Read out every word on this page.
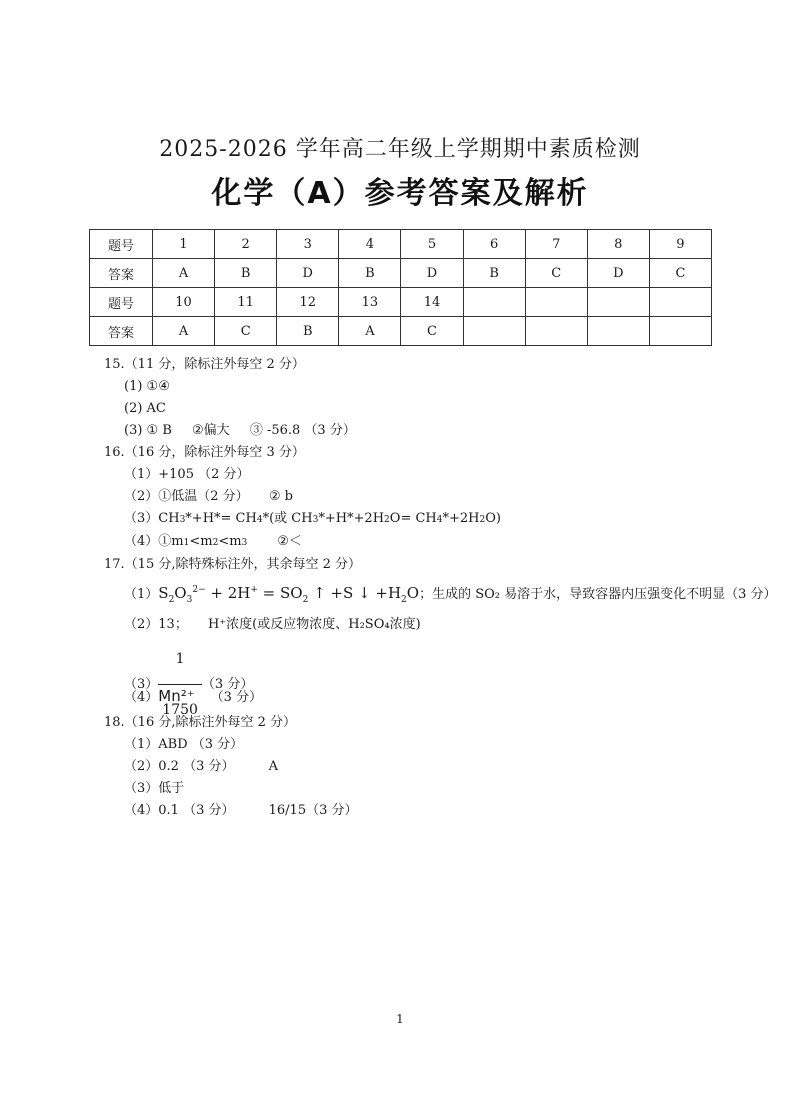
2025-2026 学年高二年级上学期期中素质检测
化学（A）参考答案及解析
题号	1	2	3	4	5	6	7	8	9
答案	A	B	D	B	D	B	C	D	C
题号	10	11	12	13	14				
答案	A	C	B	A	C				

15.（11 分，除标注外每空 2 分）

(1) ①④

(2) AC

(3) ① B ②偏大 ③ -56.8 （3 分）

16.（16 分，除标注外每空 3 分）

（1）+105 （2 分）

（2）①低温（2 分） ② b

（3）CH3*+H*= CH4*(或 CH3*+H*+2H2O= CH4*+2H2O)

（4）①m1<m2<m3 ②＜

17.（15 分,除特殊标注外，其余每空 2 分）

$(1)S_2O_3^{2-} + 2H^+ = SO_2$ ↑ +S ↓ $+H_2O$；生成的 SO₂ 易溶于水，导致容器内压强变化不明显（3 分）

（2）13； H⁺浓度(或反应物浓度、H₂SO₄浓度)

$(3) \frac{1}{1750} (3$ 分）

（4）Mn²⁺ （3 分）

18.（16 分,除标注外每空 2 分）

（1）ABD （3 分）

（2）0.2 （3 分）	A

（3）低于

（4）0.1 （3 分）	16/15（3 分）

1
